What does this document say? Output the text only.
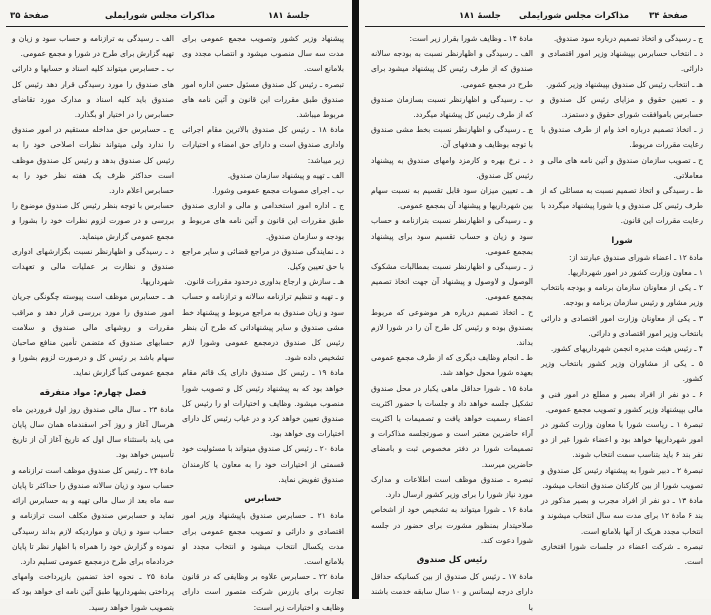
صفحهٔ ۳۵	مذاکرات مجلس شورایملی	جلسهٔ ۱۸۱

پیشنهاد وزیر کشور وتصویب مجمع عمومی برای مدت سه سال منصوب میشود و انتصاب مجدد وی بلامانع است.

تبصره ـ رئیس کل صندوق مسئول حسن اداره امور صندوق طبق مقررات این قانون و آئین نامه های مربوط میباشد.

مادهٔ ۱۸ ـ رئیس کل صندوق بالاترین مقام اجرائی واداری صندوق است و دارای حق امضاء و اختیارات زیر میباشد:

الف ـ تهیه و پیشنهاد سازمان صندوق.

ب ـ اجرای مصوبات مجمع عمومی وشورا.

ج ـ اداره امور استخدامی و مالی و اداری صندوق طبق مقررات این قانون و آئین نامه های مربوط و بودجه و سازمان صندوق.

د ـ نمایندگی صندوق در مراجع قضائی و سایر مراجع با حق تعیین وکیل.

هـ ـ سازش و ارجاع بداوری درحدود مقررات قانون.

و ـ تهیه و تنظیم ترازنامه سالانه و ترازنامه و حساب سود و زیان صندوق به مراجع مربوط و پیشنهاد خط مشی صندوق و سایر پیشنهاداتی که طرح آن بنظر رئیس کل صندوق درمجمع عمومی وشورا لازم تشخیص داده شود.

مادهٔ ۱۹ ـ رئیس کل صندوق دارای یک قائم مقام خواهد بود که به پیشنهاد رئیس کل و تصویب شورا منصوب میشود. وظایف و اختیارات او را رئیس کل صندوق تعیین خواهد کرد و در غیاب رئیس کل دارای اختیارات وی خواهد بود.

مادهٔ ۲۰ ـ رئیس کل صندوق میتواند با مسئولیت خود قسمتی از اختیارات خود را به معاون یا کارمندان صندوق تفویض نماید.

حسابرس

مادهٔ ۲۱ ـ حسابرس صندوق باپیشنهاد وزیر امور اقتصادی و دارائی و تصویب مجمع عمومی برای مدت یکسال انتخاب میشود و انتخاب مجدد او بلامانع است.

مادهٔ ۲۲ ـ حسابرس علاوه بر وظایفی که در قانون تجارت برای بازرس شرکت متصور است دارای وظایف و اختیارات زیر است:

الف ـ رسیدگی به ترازنامه و حساب سود و زیان و تهیه گزارش برای طرح در شورا و مجمع عمومی.

ب ـ حسابرس میتواند کلیه اسناد و حسابها و دارائی های صندوق را مورد رسیدگی قرار دهد رئیس کل صندوق باید کلیه اسناد و مدارک مورد تقاضای حسابرس را در اختیار او بگذارد.

ج ـ حسابرس حق مداخله مستقیم در امور صندوق را ندارد ولی میتواند نظرات اصلاحی خود را به رئیس کل صندوق بدهد و رئیس کل صندوق موظف است حداکثر ظرف یک هفته نظر خود را به حسابرس اعلام دارد.

حسابرس با توجه بنظر رئیس کل صندوق موضوع را بررسی و در صورت لزوم نظرات خود را بشورا و مجمع عمومی گزارش مینماید.

د ـ رسیدگی و اظهارنظر نسبت بگزارشهای ادواری صندوق و نظارت بر عملیات مالی و تعهدات شهرداریها.

هـ ـ حسابرس موظف است پیوسته چگونگی جریان امور صندوق را مورد بررسی قرار دهد و مراقب مقررات و روشهای مالی صندوق و سلامت حسابهای صندوق که متضمن تأمین منافع صاحبان سهام باشد بر رئیس کل و درصورت لزوم بشورا و مجمع عمومی کتباً گزارش نماید.

فصل چهارم: مواد متفرقه

مادهٔ ۲۳ ـ سال مالی صندوق روز اول فروردین ماه هرسال آغاز و روز آخر اسفندماه همان سال پایان می یابد باستثناء سال اول که تاریخ آغاز آن از تاریخ تأسیس خواهد بود.

مادهٔ ۲۴ ـ رئیس کل صندوق موظف است ترازنامه و حساب سود و زیان سالانه صندوق را حداکثر تا پایان سه ماه بعد از سال مالی تهیه و به حسابرس ارائه نماید و حسابرس صندوق مکلف است ترازنامه و حساب سود و زیان و مواردیکه لازم بداند رسیدگی نموده و گزارش خود را همراه با اظهار نظر تا پایان خردادماه برای طرح درمجمع عمومی تسلیم دارد.

مادهٔ ۲۵ ـ نحوه اخذ تضمین بازپرداخت وامهای پرداختی بشهرداریها طبق آئین نامه ای خواهد بود که بتصویب شورا خواهد رسید.

جلسهٔ ۱۸۱ مذاکرات مجلس شورایملی صفحهٔ ۳۴

ج ـ رسیدگی و اتخاذ تصمیم درباره سود صندوق.

د ـ انتخاب حسابرس بپیشنهاد وزیر امور اقتصادی و دارائی.

هـ ـ انتخاب رئیس کل صندوق بپیشنهاد وزیر کشور.

و ـ تعیین حقوق و مزایای رئیس کل صندوق و حسابرس باموافقت شورای حقوق و دستمزد.

ز ـ اتخاذ تصمیم درباره اخذ وام از طرف صندوق با رعایت مقررات مربوط.

ح ـ تصویب سازمان صندوق و آئین نامه های مالی و معاملاتی.

ط ـ رسیدگی و اتخاذ تصمیم نسبت به مسائلی که از طرف رئیس کل صندوق و یا شورا پیشنهاد میگردد با رعایت مقررات این قانون.

شورا

مادهٔ ۱۲ ـ اعضاء شورای صندوق عبارتند از:

۱ ـ معاون وزارت کشور در امور شهرداریها.

۲ ـ یکی از معاونان سازمان برنامه و بودجه بانتخاب وزیر مشاور و رئیس سازمان برنامه و بودجه.

۳ ـ یکی از معاونان وزارت امور اقتصادی و دارائی بانتخاب وزیر امور اقتصادی و دارائی.

۴ ـ رئیس هیئت مدیره انجمن شهرداریهای کشور.

۵ ـ یکی از مشاوران وزیر کشور بانتخاب وزیر کشور.

۶ ـ دو نفر از افراد بصیر و مطلع در امور فنی و مالی بپیشنهاد وزیر کشور و تصویب مجمع عمومی.

تبصرهٔ ۱ ـ ریاست شورا با معاون وزارت کشور در امور شهرداریها خواهد بود و اعضاء شورا غیر از دو نفر بند ۶ باید بتناسب سمت انتخاب شوند.

تبصرهٔ ۲ ـ دبیر شورا به پیشنهاد رئیس کل صندوق و تصویب شورا از بین کارکنان صندوق انتخاب میشود.

مادهٔ ۱۳ ـ دو نفر از افراد مجرب و بصیر مذکور در بند ۶ مادهٔ ۱۲ برای مدت سه سال انتخاب میشوند و انتخاب مجدد هریک از آنها بلامانع است.

تبصره ـ شرکت اعضاء در جلسات شورا افتخاری است.

مادهٔ ۱۴ ـ وظایف شورا بقرار زیر است:

الف ـ رسیدگی و اظهارنظر نسبت به بودجه سالانه صندوق که از طرف رئیس کل پیشنهاد میشود برای طرح در مجمع عمومی.

ب ـ رسیدگی و اظهارنظر نسبت بسازمان صندوق که از طرف رئیس کل پیشنهاد میگردد.

ج ـ رسیدگی و اظهارنظر نسبت بخط مشی صندوق با توجه بوظایف و هدفهای آن.

د ـ نرخ بهره و کارمزد وامهای صندوق به پیشنهاد رئیس کل صندوق.

هـ ـ تعیین میزان سود قابل تقسیم به نسبت سهام بین شهرداریها و پیشنهاد آن بمجمع عمومی.

و ـ رسیدگی و اظهارنظر نسبت بترازنامه و حساب سود و زیان و حساب تقسیم سود برای پیشنهاد بمجمع عمومی.

ز ـ رسیدگی و اظهارنظر نسبت بمطالبات مشکوک الوصول و لاوصول و پیشنهاد آن جهت اتخاذ تصمیم بمجمع عمومی.

ح ـ اتخاذ تصمیم درباره هر موضوعی که مربوط بصندوق بوده و رئیس کل طرح آن را در شورا لازم بداند.

ط ـ انجام وظایف دیگری که از طرف مجمع عمومی بعهده شورا محول خواهد شد.

مادهٔ ۱۵ ـ شورا حداقل ماهی یکبار در محل صندوق تشکیل جلسه خواهد داد و جلسات با حضور اکثریت اعضاء رسمیت خواهد یافت و تصمیمات با اکثریت آراء حاضرین معتبر است و صورتجلسه مذاکرات و تصمیمات شورا در دفتر مخصوص ثبت و بامضای حاضرین میرسد.

تبصره ـ صندوق موظف است اطلاعات و مدارک مورد نیاز شورا را برای وزیر کشور ارسال دارد.

مادهٔ ۱۶ ـ شورا میتواند به تشخیص خود از اشخاص صلاحیتدار بمنظور مشورت برای حضور در جلسه شورا دعوت کند.

رئیس کل صندوق

مادهٔ ۱۷ ـ رئیس کل صندوق از بین کسانیکه حداقل دارای درجه لیسانس و ۱۰ سال سابقه خدمت باشند با
